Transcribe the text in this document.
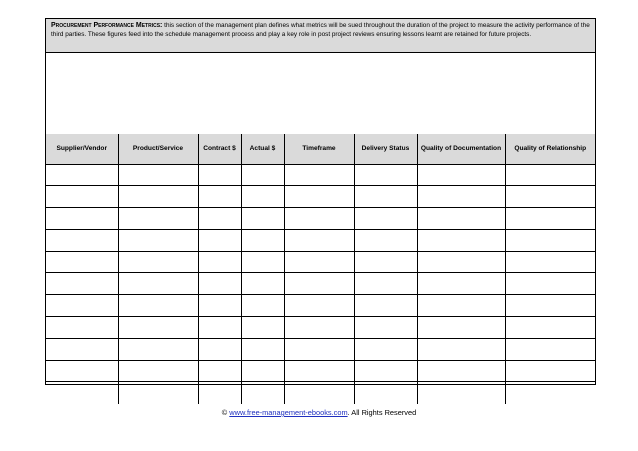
Procurement Performance Metrics: this section of the management plan defines what metrics will be sued throughout the duration of the project to measure the activity performance of the third parties. These figures feed into the schedule management process and play a key role in post project reviews ensuring lessons learnt are retained for future projects.
Supplier/Vendor	Product/Service	Contract $	Actual $	Timeframe	Delivery Status	Quality of Documentation	Quality of Relationship

© www.free-management-ebooks.com. All Rights Reserved
